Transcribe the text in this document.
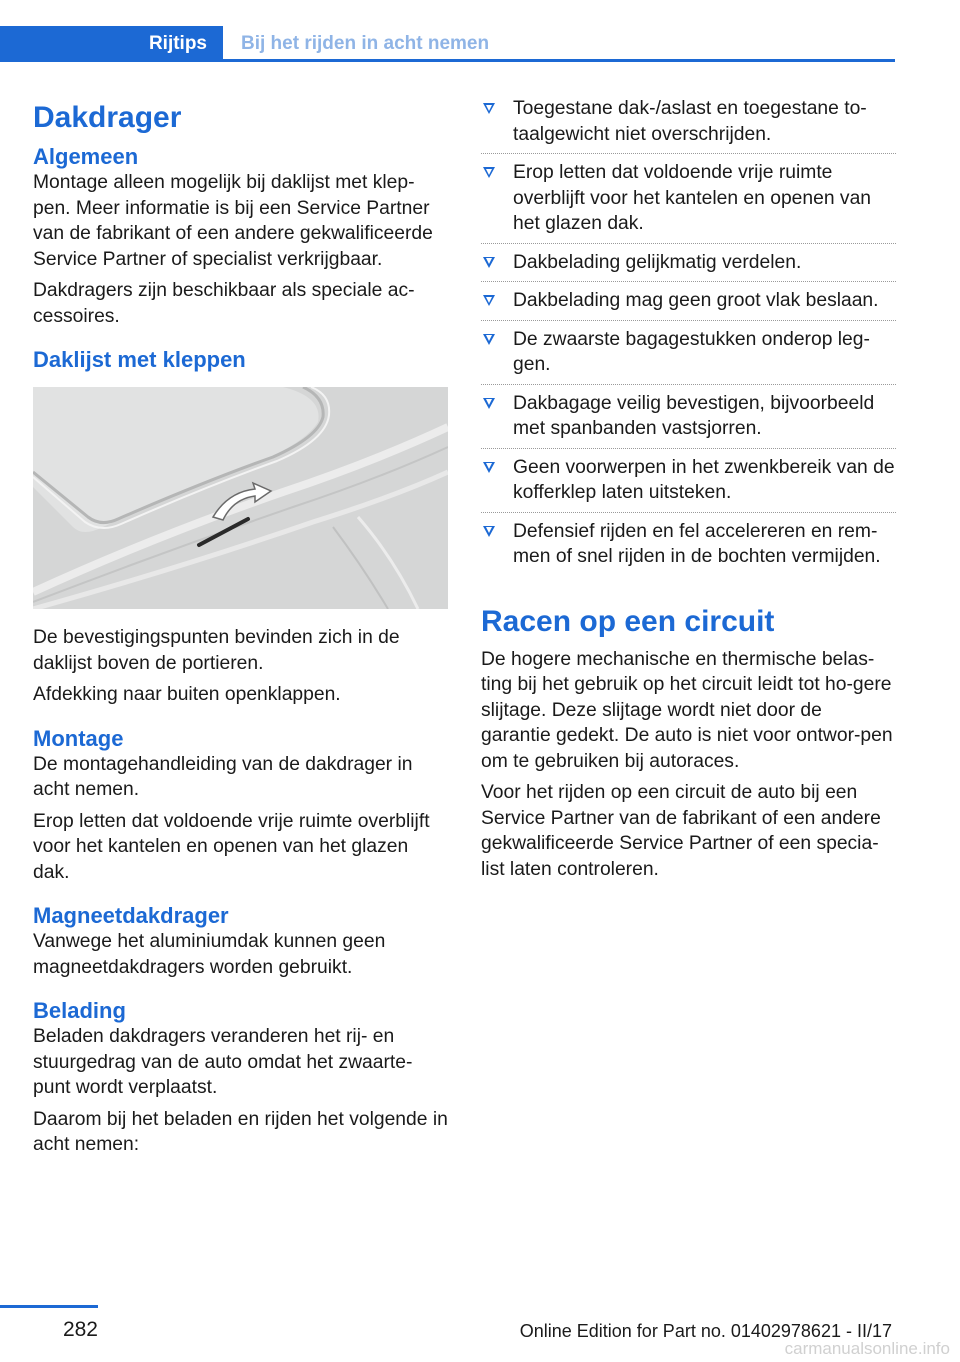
Rijtips	Bij het rijden in acht nemen
Dakdrager
Algemeen

Montage alleen mogelijk bij daklijst met klep-pen. Meer informatie is bij een Service Partner van de fabrikant of een andere gekwalificeerde Service Partner of specialist verkrijgbaar.

Dakdragers zijn beschikbaar als speciale ac-cessoires.

Daklijst met kleppen

De bevestigingspunten bevinden zich in de daklijst boven de portieren.

Afdekking naar buiten openklappen.

Montage

De montagehandleiding van de dakdrager in acht nemen.

Erop letten dat voldoende vrije ruimte overblijft voor het kantelen en openen van het glazen dak.

Magneetdakdrager

Vanwege het aluminiumdak kunnen geen magneetdakdragers worden gebruikt.

Belading

Beladen dakdragers veranderen het rij- en stuurgedrag van de auto omdat het zwaarte-punt wordt verplaatst.

Daarom bij het beladen en rijden het volgende in acht nemen:

Toegestane dak-/aslast en toegestane to-taalgewicht niet overschrijden.
Erop letten dat voldoende vrije ruimte overblijft voor het kantelen en openen van het glazen dak.
Dakbelading gelijkmatig verdelen.
Dakbelading mag geen groot vlak beslaan.
De zwaarste bagagestukken onderop leg-gen.
Dakbagage veilig bevestigen, bijvoorbeeld met spanbanden vastsjorren.
Geen voorwerpen in het zwenkbereik van de kofferklep laten uitsteken.
Defensief rijden en fel accelereren en rem-men of snel rijden in de bochten vermijden.
Racen op een circuit

De hogere mechanische en thermische belas-ting bij het gebruik op het circuit leidt tot ho-gere slijtage. Deze slijtage wordt niet door de garantie gedekt. De auto is niet voor ontwor-pen om te gebruiken bij autoraces.

Voor het rijden op een circuit de auto bij een Service Partner van de fabrikant of een andere gekwalificeerde Service Partner of een specia-list laten controleren.

282	Online Edition for Part no. 01402978621 - II/17
carmanualsonline.info
